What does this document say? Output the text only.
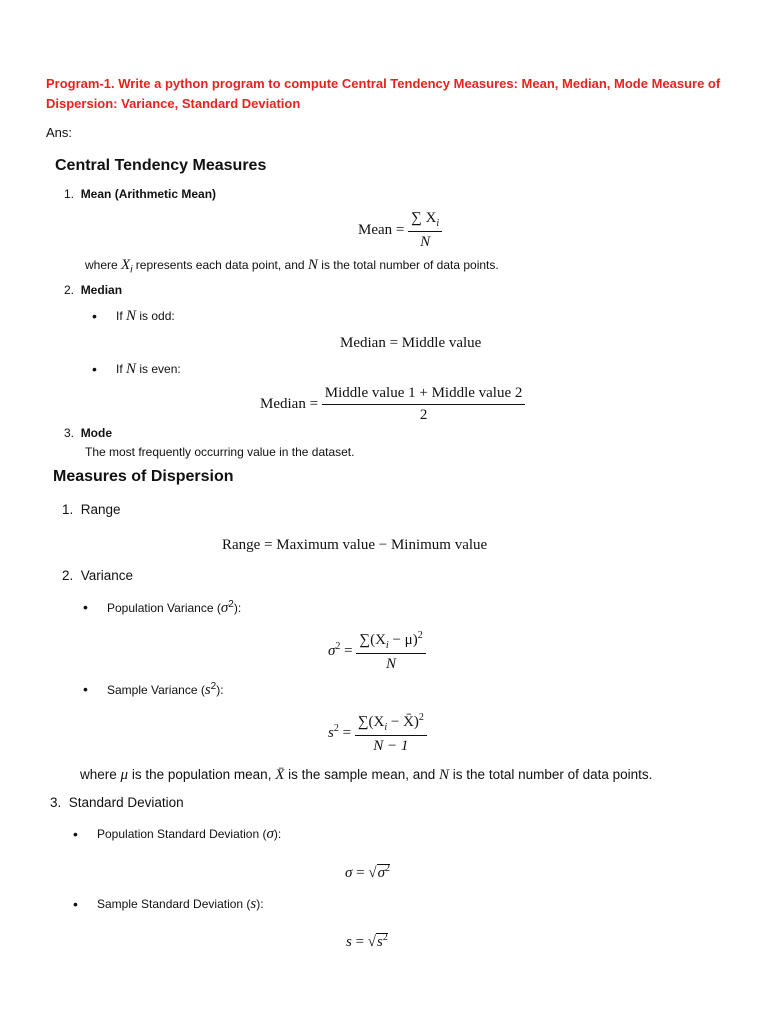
Program-1. Write a python program to compute Central Tendency Measures: Mean, Median, Mode Measure of
Dispersion: Variance, Standard Deviation
Ans:
Central Tendency Measures
1. Mean (Arithmetic Mean)
Mean = $\frac{\sum X_i}{N}$
where $X_i$ represents each data point, and N is the total number of data points.
2. Median
• If N is odd:
Median = Middle value
• If N is even:
Median = $\frac{\text{Middle value 1 + Middle value 2}}{2}$
3. Mode
The most frequently occurring value in the dataset.
Measures of Dispersion
1. Range
Range = Maximum value − Minimum value
2. Variance
• Population Variance $(\sigma^2)$:
$\sigma^2 = \frac{\sum(X_i - \mu)^2}{N}$
• Sample Variance $(s^2)$:
$s^2 = \frac{\sum(X_i - X̄)^2}{N - 1}$
where μ is the population mean, X̄ is the sample mean, and N is the total number of data points.
3. Standard Deviation
• Population Standard Deviation (σ):
$\sigma = √\sigma^2$
• Sample Standard Deviation (s):
$s = √s^2$
